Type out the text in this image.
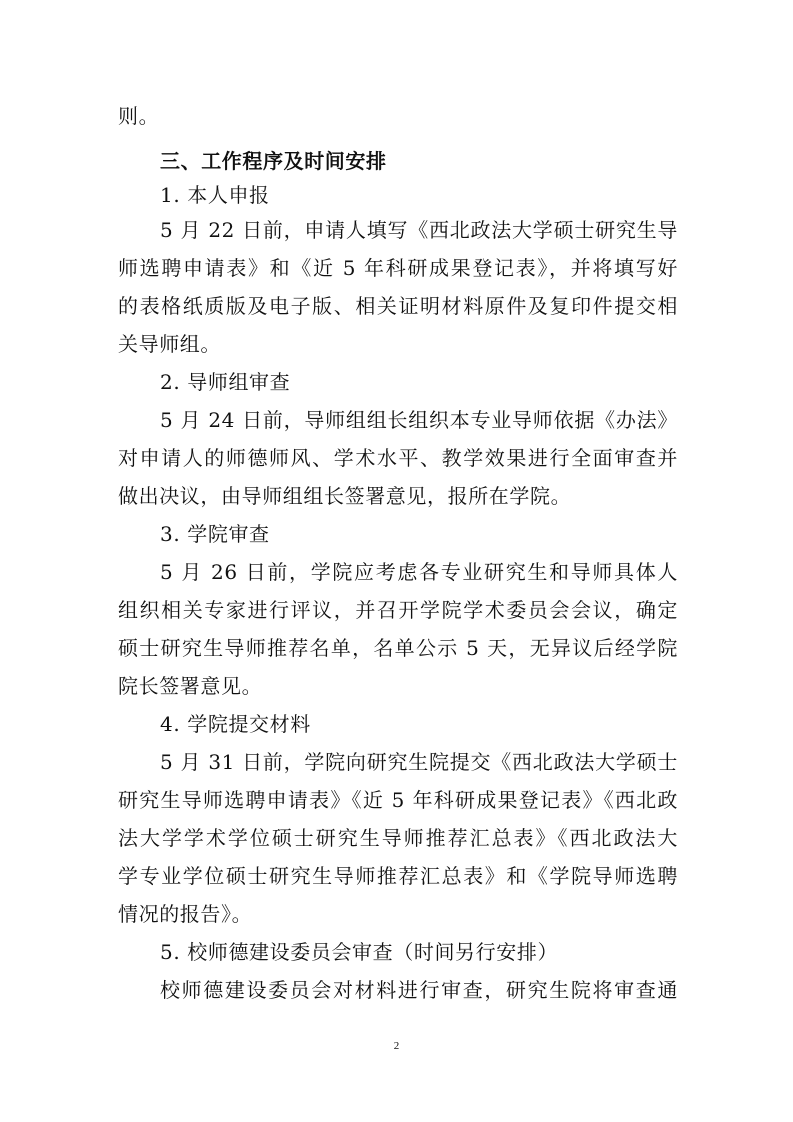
则。
三、工作程序及时间安排
1. 本人申报
5 月 22 日前，申请人填写《西北政法大学硕士研究生导
师选聘申请表》和《近 5 年科研成果登记表》，并将填写好
的表格纸质版及电子版、相关证明材料原件及复印件提交相
关导师组。
2. 导师组审查
5 月 24 日前，导师组组长组织本专业导师依据《办法》
对申请人的师德师风、学术水平、教学效果进行全面审查并
做出决议，由导师组组长签署意见，报所在学院。
3. 学院审查
5 月 26 日前，学院应考虑各专业研究生和导师具体人
组织相关专家进行评议，并召开学院学术委员会会议，确定
硕士研究生导师推荐名单，名单公示 5 天，无异议后经学院
院长签署意见。
4. 学院提交材料
5 月 31 日前，学院向研究生院提交《西北政法大学硕士
研究生导师选聘申请表》《近 5 年科研成果登记表》《西北政
法大学学术学位硕士研究生导师推荐汇总表》《西北政法大
学专业学位硕士研究生导师推荐汇总表》和《学院导师选聘
情况的报告》。
5. 校师德建设委员会审查（时间另行安排）
校师德建设委员会对材料进行审查，研究生院将审查通
2
